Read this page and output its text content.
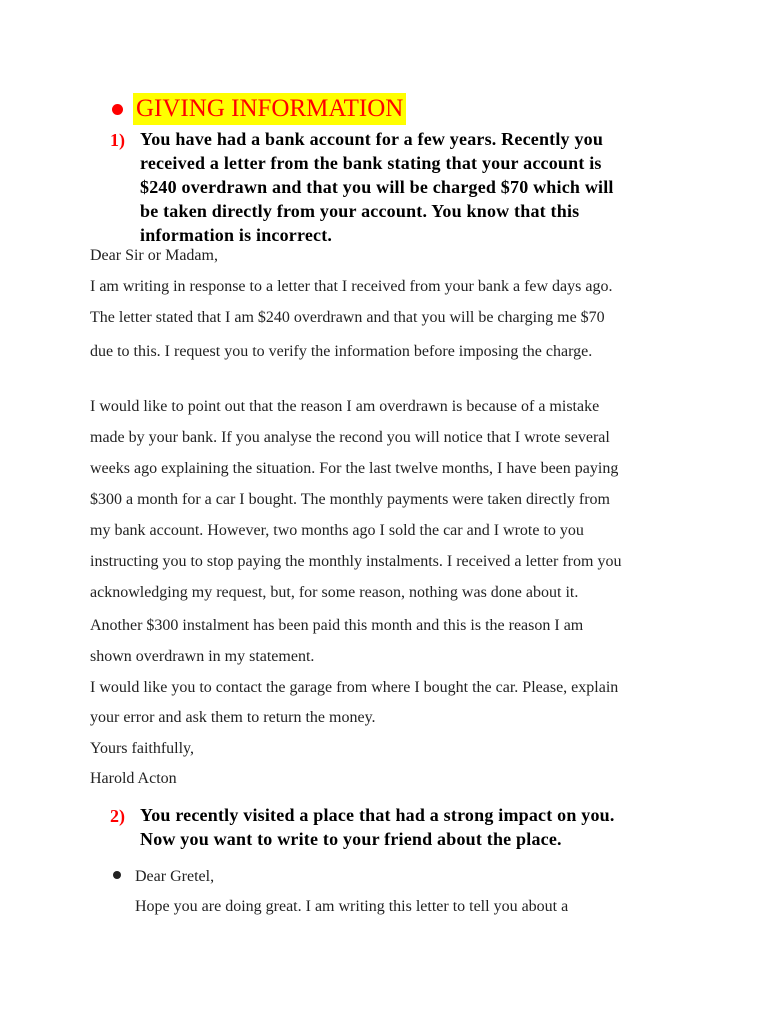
GIVING INFORMATION
1) You have had a bank account for a few years. Recently you
received a letter from the bank stating that your account is
$240 overdrawn and that you will be charged $70 which will
be taken directly from your account. You know that this
information is incorrect.
Dear Sir or Madam,
I am writing in response to a letter that I received from your bank a few days ago.
The letter stated that I am $240 overdrawn and that you will be charging me $70
due to this. I request you to verify the information before imposing the charge.
I would like to point out that the reason I am overdrawn is because of a mistake
made by your bank. If you analyse the recond you will notice that I wrote several
weeks ago explaining the situation. For the last twelve months, I have been paying
$300 a month for a car I bought. The monthly payments were taken directly from
my bank account. However, two months ago I sold the car and I wrote to you
instructing you to stop paying the monthly instalments. I received a letter from you
acknowledging my request, but, for some reason, nothing was done about it.
Another $300 instalment has been paid this month and this is the reason I am
shown overdrawn in my statement.
I would like you to contact the garage from where I bought the car. Please, explain
your error and ask them to return the money.
Yours faithfully,
Harold Acton
2) You recently visited a place that had a strong impact on you.
Now you want to write to your friend about the place.
Dear Gretel,
Hope you are doing great. I am writing this letter to tell you about a
